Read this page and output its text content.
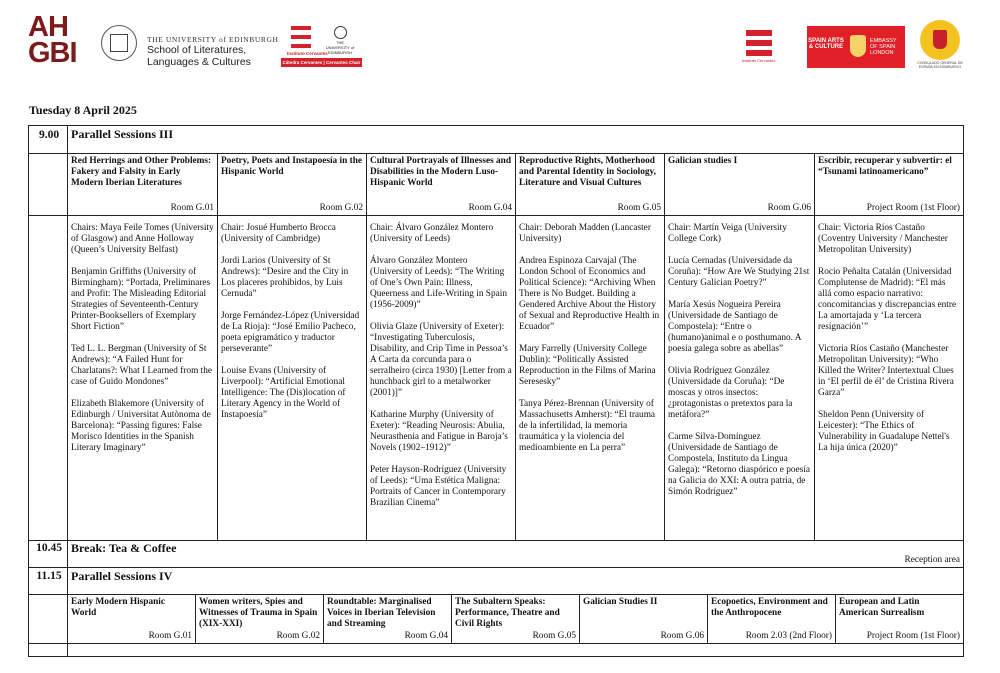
AH
GBI	THE UNIVERSITY of EDINBURGH
School of Literatures,
Languages & Cultures
Instituto Cervantes
THE UNIVERSITY of EDINBURGH
Cátedra Cervantes | Cervantes Chair	Instituto Cervantes
SPAIN ARTS & CULTURE
EMBASSY OF SPAIN LONDON
CONSULADO GENERAL DE ESPAÑA EN EDIMBURGO
Tuesday 8 April 2025
9.00 Parallel Sessions III
Red Herrings and Other Problems: Fakery and Falsity in Early Modern Iberian Literatures
Room G.01
Poetry, Poets and Instapoesía in the Hispanic World
Room G.02
Cultural Portrayals of Illnesses and Disabilities in the Modern Luso-Hispanic World
Room G.04
Reproductive Rights, Motherhood and Parental Identity in Sociology, Literature and Visual Cultures
Room G.05
Galician studies I
Room G.06
Escribir, recuperar y subvertir: el “Tsunami latinoamericano”
Project Room (1st Floor)

Chairs: Maya Feile Tomes (University of Glasgow) and Anne Holloway (Queen’s University Belfast)

Benjamin Griffiths (University of Birmingham): “Portada, Preliminares and Profit: The Misleading Editorial Strategies of Seventeenth-Century Printer-Booksellers of Exemplary Short Fiction”

Ted L. L. Bergman (University of St Andrews): “A Failed Hunt for Charlatans?: What I Learned from the case of Guido Mondones”

Elizabeth Blakemore (University of Edinburgh / Universitat Autònoma de Barcelona): “Passing figures: False Morisco Identities in the Spanish Literary Imaginary”

Chair: Josué Humberto Brocca (University of Cambridge)

Jordi Larios (University of St Andrews): “Desire and the City in Los placeres prohibidos, by Luis Cernuda”

Jorge Fernández-López (Universidad de La Rioja): “José Emilio Pacheco, poeta epigramático y traductor perseverante”

Louise Evans (University of Liverpool): “Artificial Emotional Intelligence: The (Dis)location of Literary Agency in the World of Instapoesía”

Chair: Álvaro González Montero (University of Leeds)

Álvaro González Montero (University of Leeds): “The Writing of One’s Own Pain: Illness, Queerness and Life-Writing in Spain (1956-2009)”

Olivia Glaze (University of Exeter): “Investigating Tuberculosis, Disability, and Crip Time in Pessoa’s A Carta da corcunda para o serralheiro (circa 1930) [Letter from a hunchback girl to a metalworker (2001)]”

Katharine Murphy (University of Exeter): “Reading Neurosis: Abulia, Neurasthenia and Fatigue in Baroja’s Novels (1902–1912)”

Peter Hayson-Rodríguez (University of Leeds): “Uma Estética Maligna: Portraits of Cancer in Contemporary Brazilian Cinema”

Chair: Deborah Madden (Lancaster University)

Andrea Espinoza Carvajal (The London School of Economics and Political Science): “Archiving When There is No Budget. Building a Gendered Archive About the History of Sexual and Reproductive Health in Ecuador”

Mary Farrelly (University College Dublin): “Politically Assisted Reproduction in the Films of Marina Seresesky”

Tanya Pérez-Brennan (University of Massachusetts Amherst): “El trauma de la infertilidad, la memoria traumática y la violencia del medioambiente en La perra”

Chair: Martín Veiga (University College Cork)

Lucía Cernadas (Universidade da Coruña): “How Are We Studying 21st Century Galician Poetry?”

María Xesús Nogueira Pereira (Universidade de Santiago de Compostela): “Entre o (humano)animal e o posthumano. A poesía galega sobre as abellas”

Olivia Rodríguez González (Universidade da Coruña): “De moscas y otros insectos: ¿protagonistas o pretextos para la metáfora?”

Carme Silva-Domínguez (Universidade de Santiago de Compostela, Instituto da Lingua Galega): “Retorno diaspórico e poesía na Galicia do XXI: A outra patria, de Simón Rodríguez”

Chair: Victoria Ríos Castaño (Coventry University / Manchester Metropolitan University)

Rocío Peñalta Catalán (Universidad Complutense de Madrid): “El más allá como espacio narrativo: concomitancias y discrepancias entre La amortajada y ‘La tercera resignación’”

Victoria Ríos Castaño (Manchester Metropolitan University): “Who Killed the Writer? Intertextual Clues in ‘El perfil de él’ de Cristina Rivera Garza”

Sheldon Penn (University of Leicester): “The Ethics of Vulnerability in Guadalupe Nettel's La hija única (2020)”

10.45 Break: Tea & Coffee
Reception area
11.15 Parallel Sessions IV
Early Modern Hispanic World
Room G.01
Women writers, Spies and Witnesses of Trauma in Spain (XIX-XXI)
Room G.02
Roundtable: Marginalised Voices in Iberian Television and Streaming
Room G.04
The Subaltern Speaks: Performance, Theatre and Civil Rights
Room G.05
Galician Studies II
Room G.06
Ecopoetics, Environment and the Anthropocene
Room 2.03 (2nd Floor)
European and Latin American Surrealism
Project Room (1st Floor)
